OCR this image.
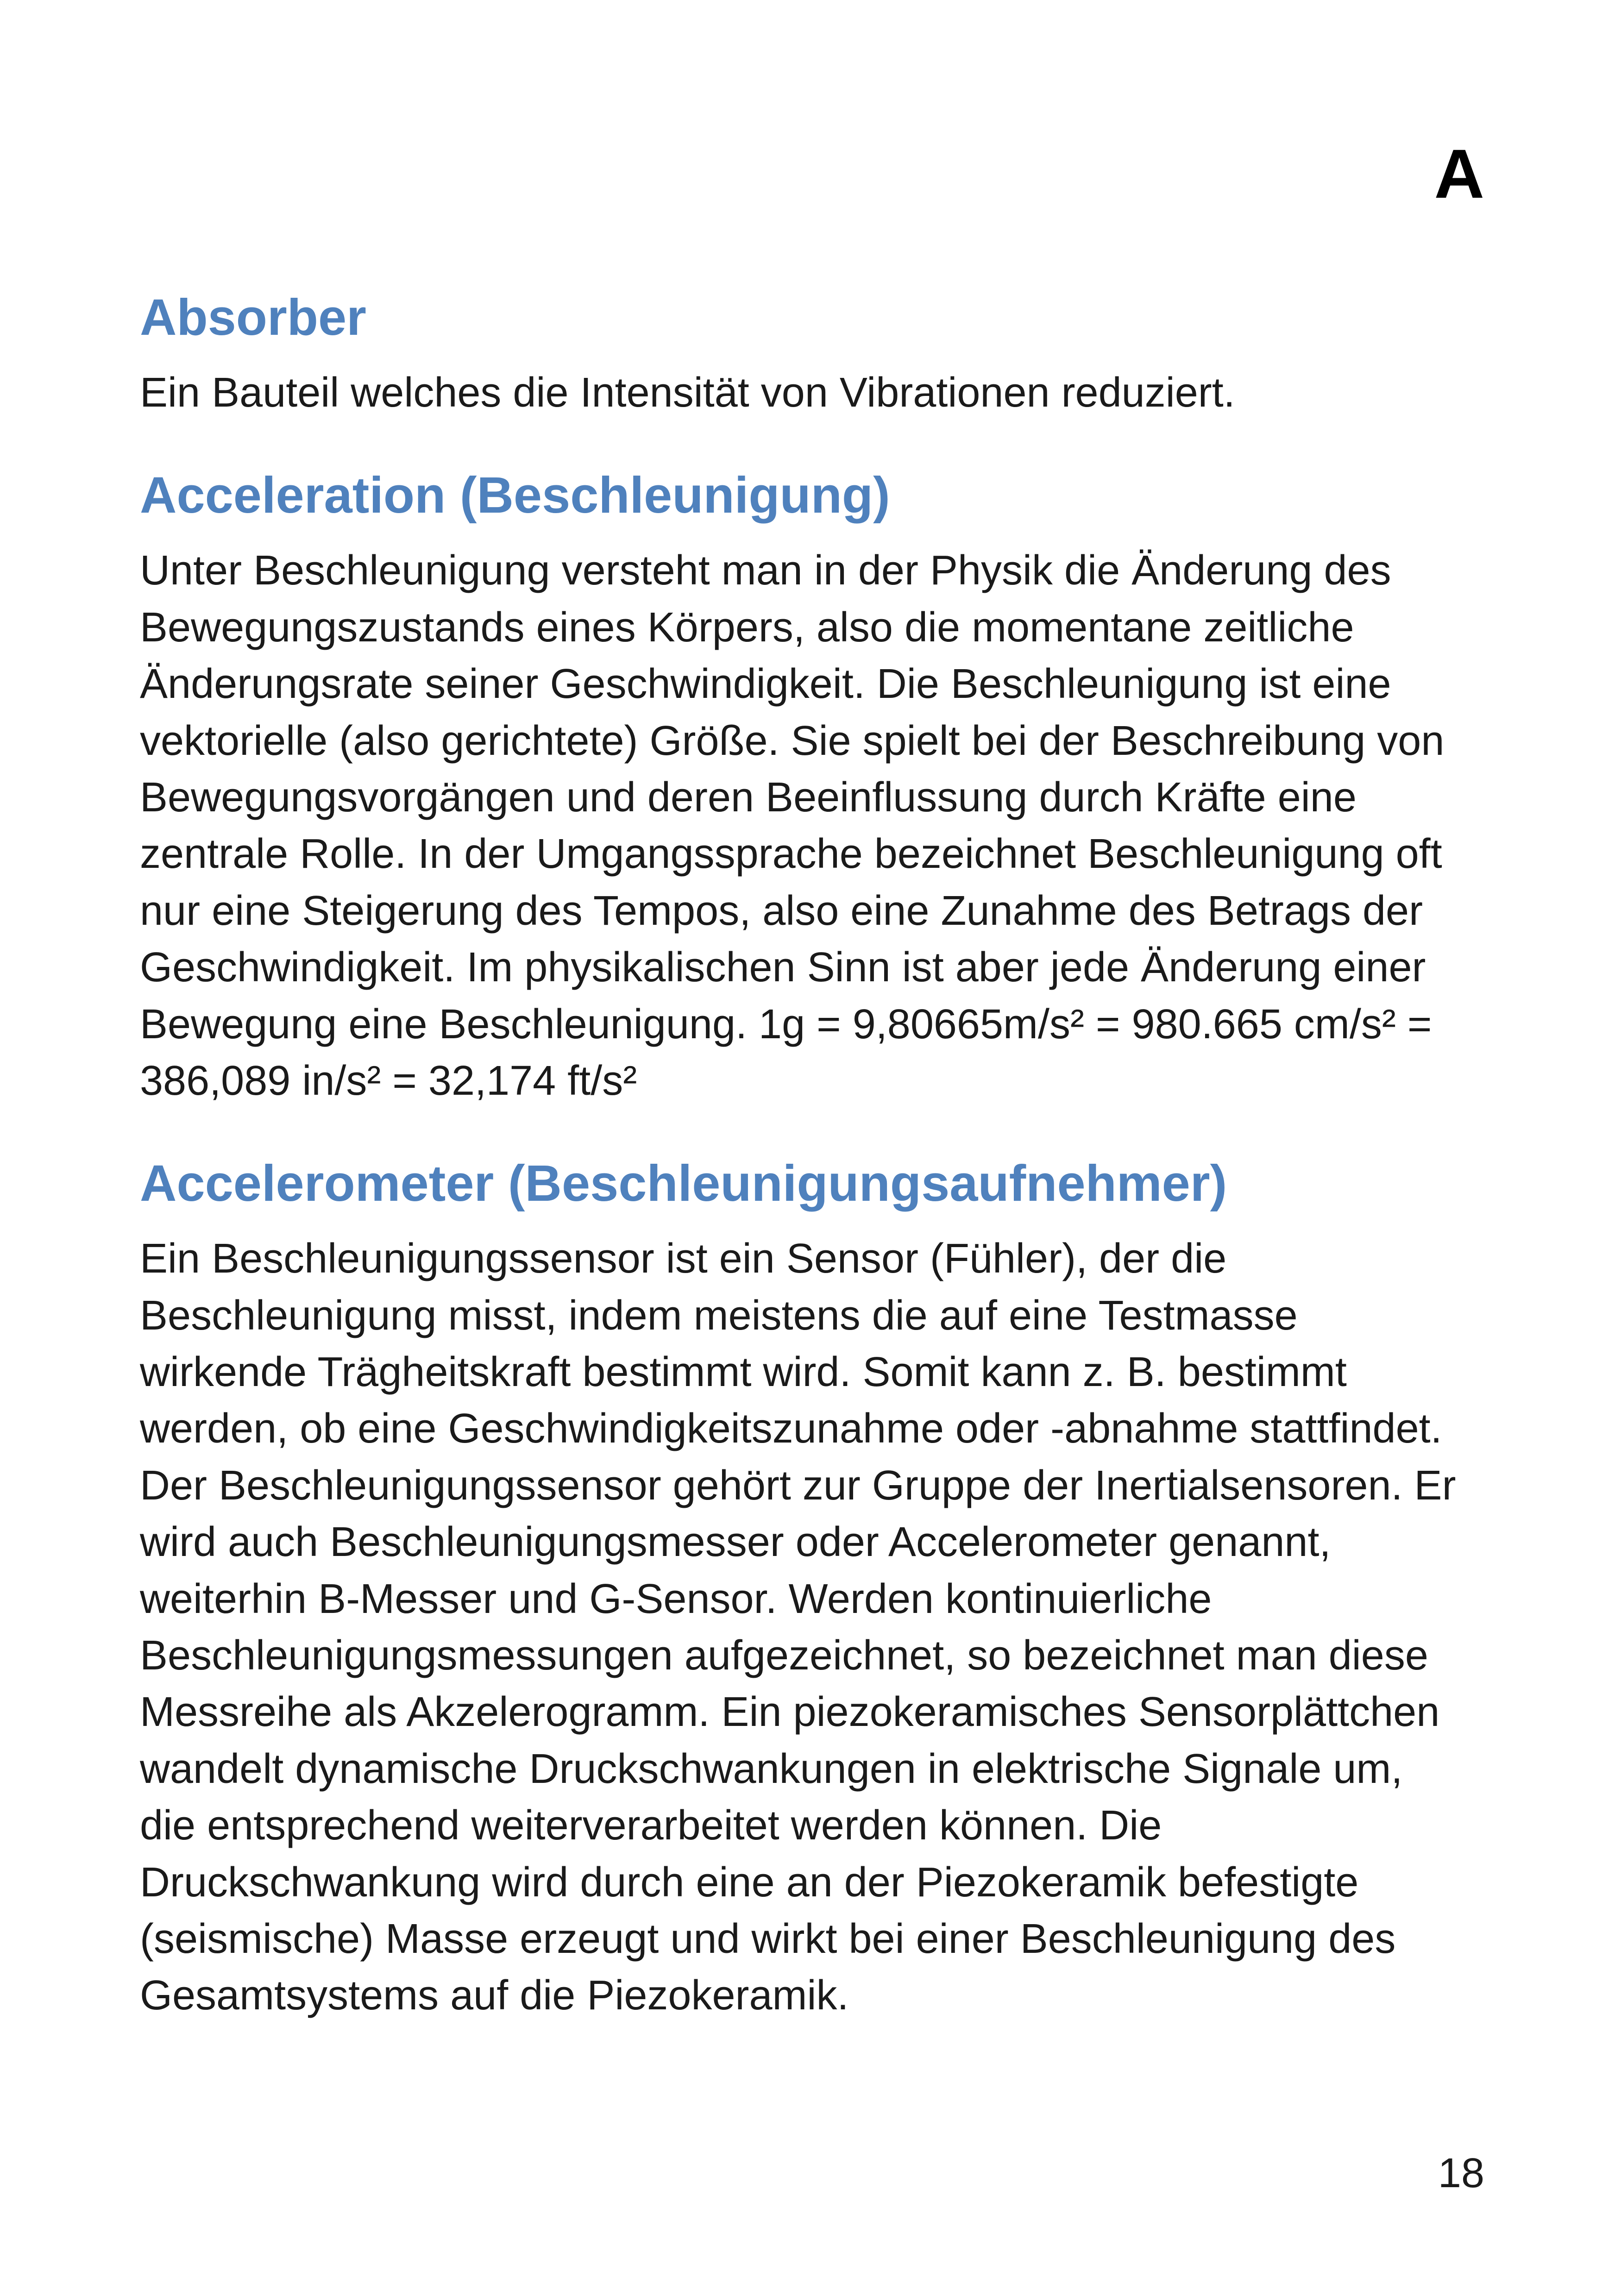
A
Absorber

Ein Bauteil welches die Intensität von Vibrationen reduziert.

Acceleration (Beschleunigung)

Unter Beschleunigung versteht man in der Physik die Änderung des
Bewegungszustands eines Körpers, also die momentane zeitliche
Änderungsrate seiner Geschwindigkeit. Die Beschleunigung ist eine
vektorielle (also gerichtete) Größe. Sie spielt bei der Beschreibung von
Bewegungsvorgängen und deren Beeinflussung durch Kräfte eine
zentrale Rolle. In der Umgangssprache bezeichnet Beschleunigung oft
nur eine Steigerung des Tempos, also eine Zunahme des Betrags der
Geschwindigkeit. Im physikalischen Sinn ist aber jede Änderung einer
Bewegung eine Beschleunigung. 1g = 9,80665m/s² = 980.665 cm/s² =
386,089 in/s² = 32,174 ft/s²

Accelerometer (Beschleunigungsaufnehmer)

Ein Beschleunigungssensor ist ein Sensor (Fühler), der die
Beschleunigung misst, indem meistens die auf eine Testmasse
wirkende Trägheitskraft bestimmt wird. Somit kann z. B. bestimmt
werden, ob eine Geschwindigkeitszunahme oder -abnahme stattfindet.
Der Beschleunigungssensor gehört zur Gruppe der Inertialsensoren. Er
wird auch Beschleunigungsmesser oder Accelerometer genannt,
weiterhin B-Messer und G-Sensor. Werden kontinuierliche
Beschleunigungsmessungen aufgezeichnet, so bezeichnet man diese
Messreihe als Akzelerogramm. Ein piezokeramisches Sensorplättchen
wandelt dynamische Druckschwankungen in elektrische Signale um,
die entsprechend weiterverarbeitet werden können. Die
Druckschwankung wird durch eine an der Piezokeramik befestigte
(seismische) Masse erzeugt und wirkt bei einer Beschleunigung des
Gesamtsystems auf die Piezokeramik.

18
